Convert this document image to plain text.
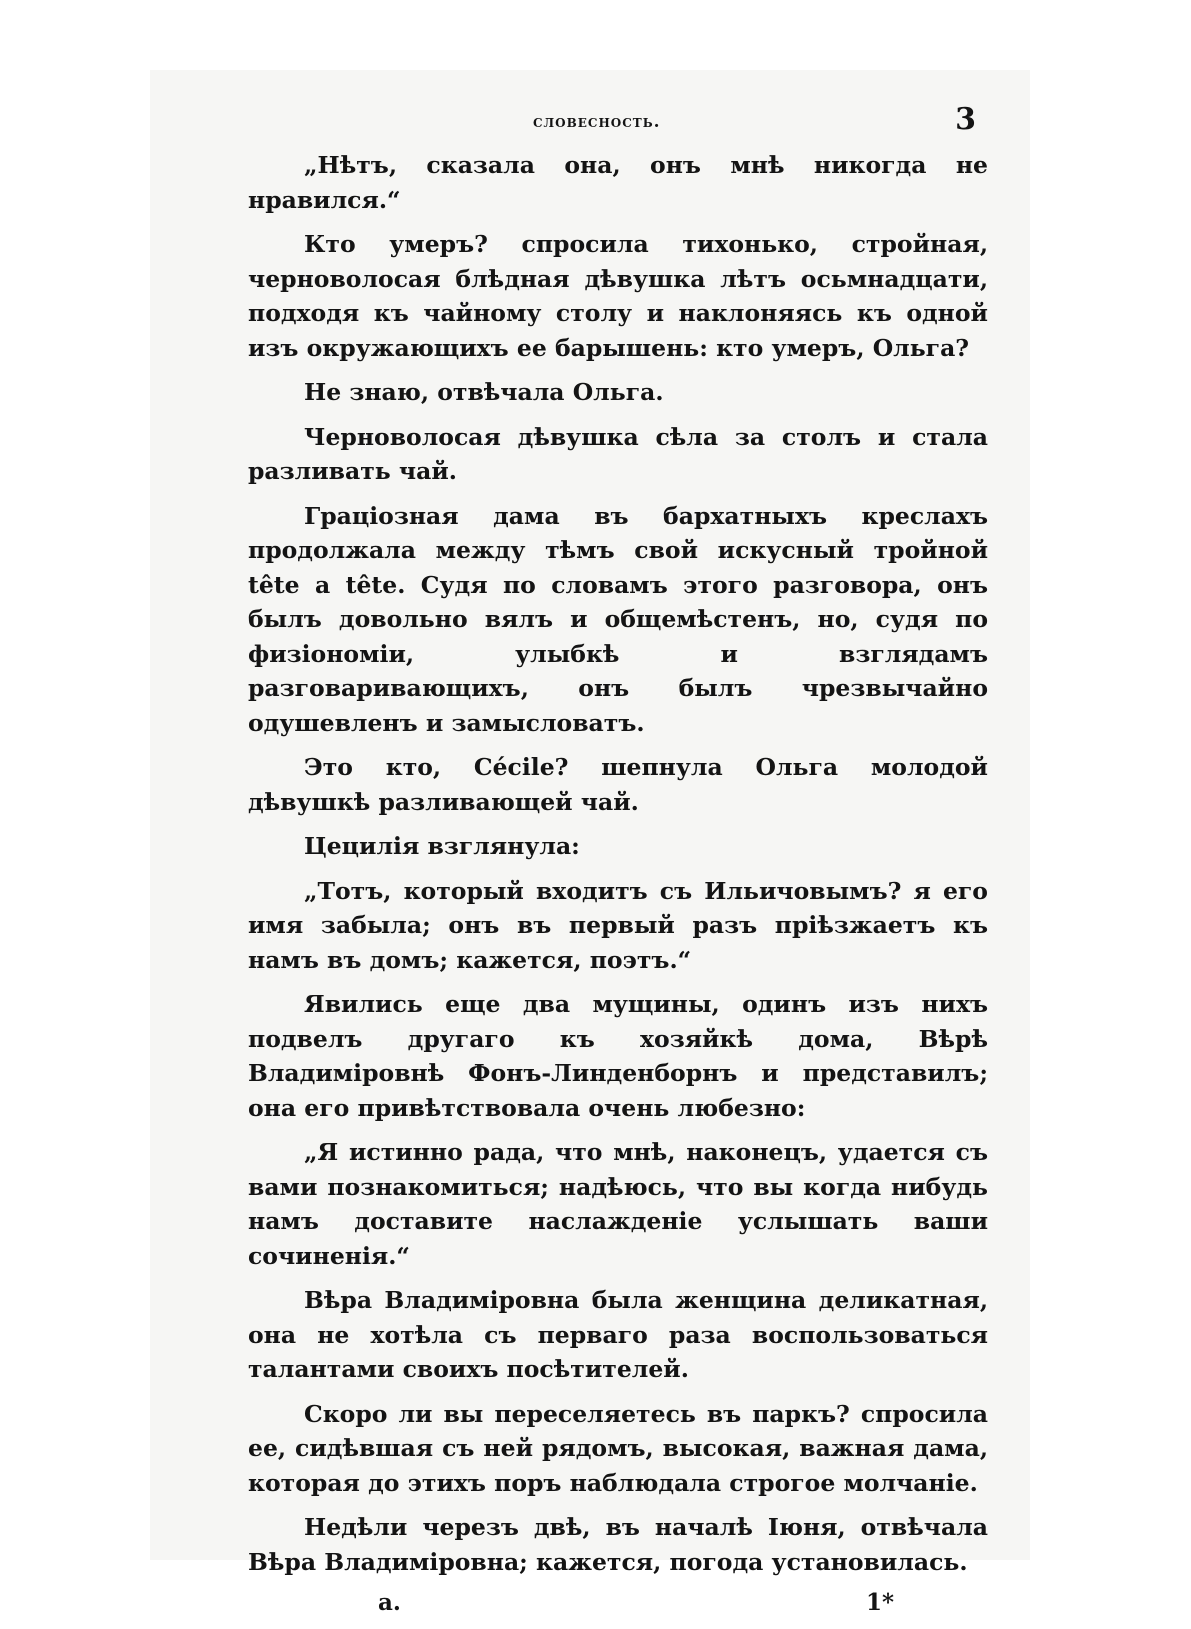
словесность.	3

„Нѣтъ, сказала она, онъ мнѣ никогда не нравился.“

Кто умеръ? спросила тихонько, стройная, черноволосая блѣдная дѣвушка лѣтъ осьмнадцати, подходя къ чайному столу и наклоняясь къ одной изъ окружающихъ ее барышень: кто умеръ, Ольга?

Не знаю, отвѣчала Ольга.

Черноволосая дѣвушка сѣла за столъ и стала разливать чай.

Граціозная дама въ бархатныхъ креслахъ продолжала между тѣмъ свой искусный тройной tête a tête. Судя по словамъ этого разговора, онъ былъ довольно вялъ и общемѣстенъ, но, судя по физіономіи, улыбкѣ и взглядамъ разговаривающихъ, онъ былъ чрезвычайно одушевленъ и замысловатъ.

Это кто, Cécile? шепнула Ольга молодой дѣвушкѣ разливающей чай.

Цецилія взглянула:

„Тотъ, который входитъ съ Ильичовымъ? я его имя забыла; онъ въ первый разъ пріѣзжаетъ къ намъ въ домъ; кажется, поэтъ.“

Явились еще два мущины, одинъ изъ нихъ подвелъ другаго къ хозяйкѣ дома, Вѣрѣ Владиміровнѣ Фонъ-Линденборнъ и представилъ; она его привѣтствовала очень любезно:

„Я истинно рада, что мнѣ, наконецъ, удается съ вами познакомиться; надѣюсь, что вы когда нибудь намъ доставите наслажденіе услышать ваши сочиненія.“

Вѣра Владиміровна была женщина деликатная, она не хотѣла съ перваго раза воспользоваться талантами своихъ посѣтителей.

Скоро ли вы переселяетесь въ паркъ? спросила ее, сидѣвшая съ ней рядомъ, высокая, важная дама, которая до этихъ поръ наблюдала строгое молчаніе.

Недѣли черезъ двѣ, въ началѣ Іюня, отвѣчала Вѣра Владиміровна; кажется, погода установилась.

а.	1*
